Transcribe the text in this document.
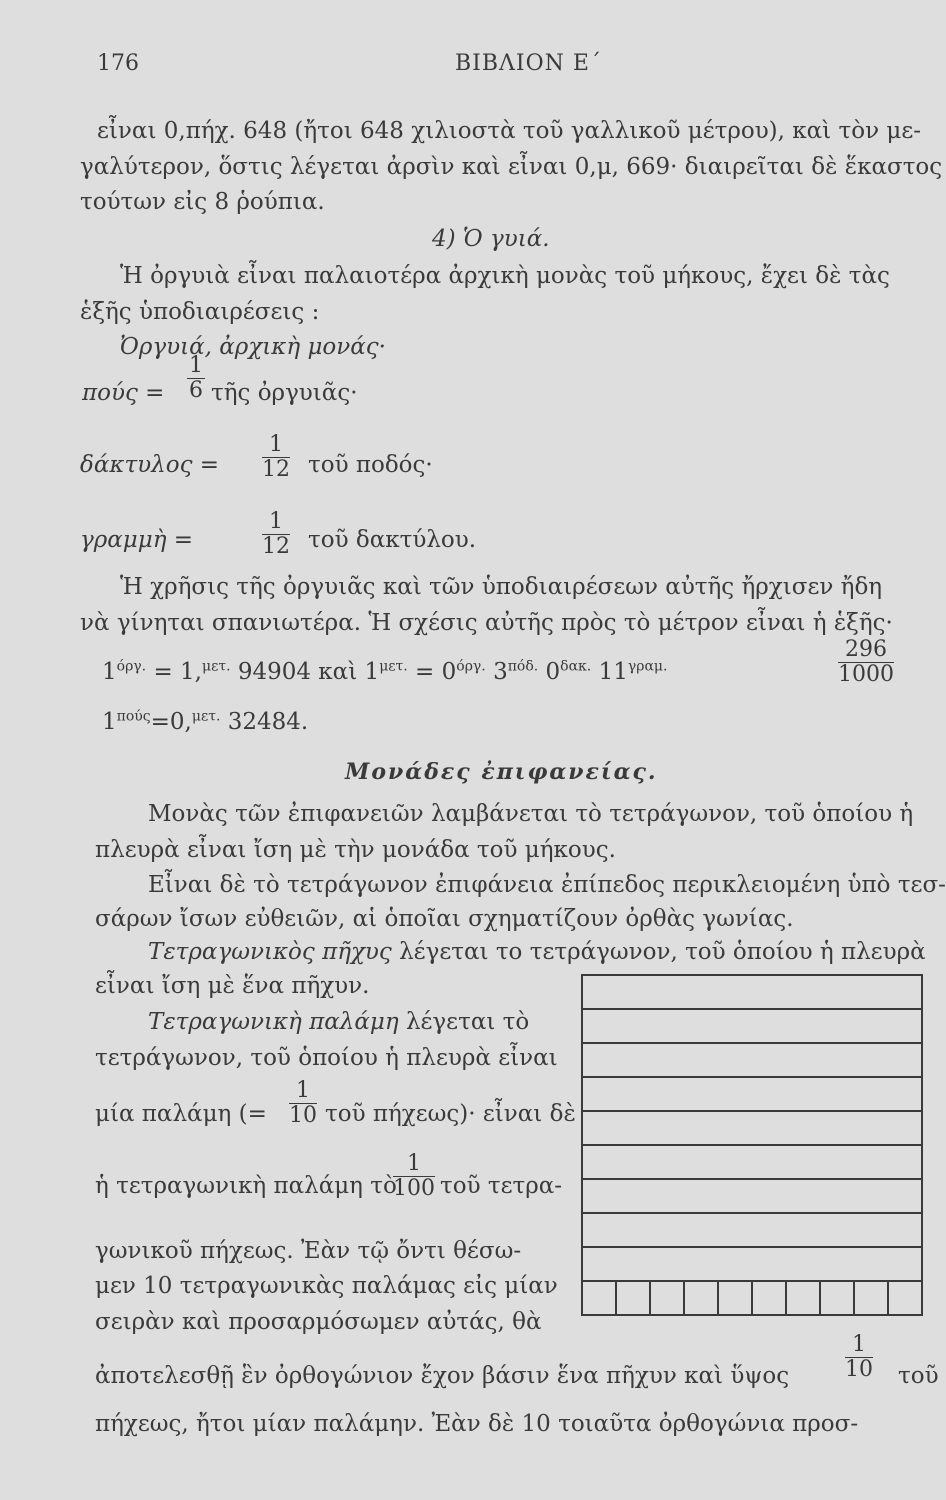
176	ΒΙΒΛΙΟΝ Ε΄
εἶναι 0,πήχ. 648 (ἤτοι 648 χιλιοστὰ τοῦ γαλλικοῦ μέτρου), καὶ τὸν με-
γαλύτερον, ὅστις λέγεται ἀρσὶν καὶ εἶναι 0,μ, 669· διαιρεῖται δὲ ἕκαστος
τούτων εἰς 8 ῥούπια.
4) Ὁ γυιά.
Ἡ ὀργυιὰ εἶναι παλαιοτέρα ἀρχικὴ μονὰς τοῦ μήκους, ἔχει δὲ τὰς
ἑξῆς ὑποδιαιρέσεις :
Ὀργυιά, ἀρχικὴ μονάς·
$\pi oύ\varsigma = \frac{1}{6}$ τῆς ὀργυιᾶς·
$\delta ά\kappa\tau\upsilon\lambda o\varsigma = \frac{1}{12}$ τοῦ ποδός·
γραμμὴ =	$\frac{1}{12}$ τοῦ δακτύλου.
Ἡ χρῆσις τῆς ὀργυιᾶς καὶ τῶν ὑποδιαιρέσεων αὐτῆς ἤρχισεν ἤδη
νὰ γίνηται σπανιωτέρα. Ἡ σχέσις αὐτῆς πρὸς τὸ μέτρον εἶναι ἡ ἑξῆς·
$1^{ό\rho\gamma.} = 1,^{\mu\varepsilon\tau.}$ 94904 καὶ $1^{\mu\varepsilon\tau.} = 0^{ό\rho\gamma.}$ $3^{\pi ό\delta.}$ $0^{\delta\alpha\kappa.}$ $11^{\gamma\rho\alpha\mu.}$	$\frac{296}{1000}$
$1^{\pi oύ\varsigma}=0,^{\mu\varepsilon\tau.}$ 32484.
Μονάδες ἐπιφανείας.
Μονὰς τῶν ἐπιφανειῶν λαμβάνεται τὸ τετράγωνον, τοῦ ὁποίου ἡ
πλευρὰ εἶναι ἴση μὲ τὴν μονάδα τοῦ μήκους.
Εἶναι δὲ τὸ τετράγωνον ἐπιφάνεια ἐπίπεδος περικλειομένη ὑπὸ τεσ-
σάρων ἴσων εὐθειῶν, αἱ ὁποῖαι σχηματίζουν ὀρθὰς γωνίας.
Τετραγωνικὸς πῆχυς λέγεται το τετράγωνον, τοῦ ὁποίου ἡ πλευρὰ
εἶναι ἴση μὲ ἕνα πῆχυν.
Τετραγωνικὴ παλάμη λέγεται τὸ
τετράγωνον, τοῦ ὁποίου ἡ πλευρὰ εἶναι
μία παλάμη (= $\frac{1}{10}$ τοῦ πήχεως)· εἶναι δὲ
ἡ τετραγωνικὴ παλάμη τὸ
$\frac{1}{100}$ τοῦ τετρα-
γωνικοῦ πήχεως. Ἐὰν τῷ ὄντι θέσω-
μεν 10 τετραγωνικὰς παλάμας εἰς μίαν
σειρὰν καὶ προσαρμόσωμεν αὐτάς, θὰ
ἀποτελεσθῇ ἓν ὀρθογώνιον ἔχον βάσιν ἕνα πῆχυν καὶ ὕψος	$\frac{1}{10}$ τοῦ
πήχεως, ἤτοι μίαν παλάμην. Ἐὰν δὲ 10 τοιαῦτα ὀρθογώνια προσ-
